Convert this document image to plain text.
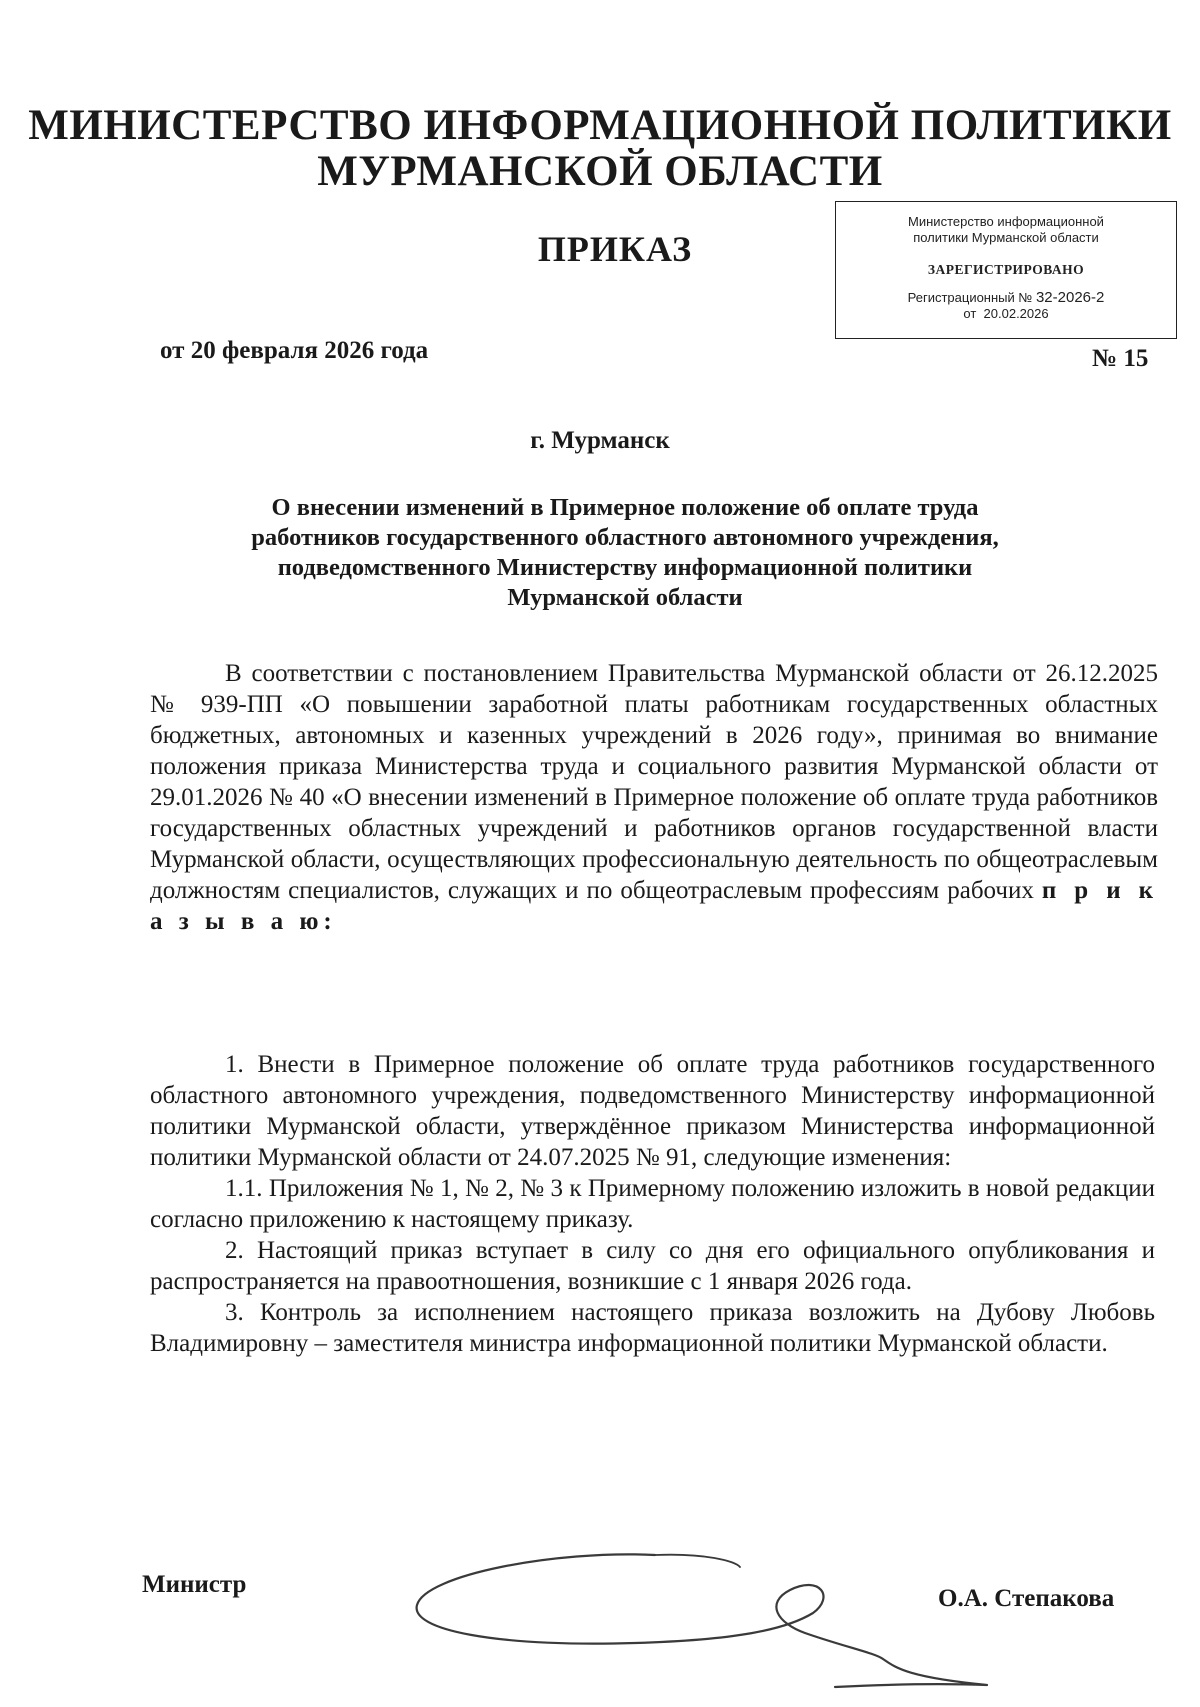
МИНИСТЕРСТВО ИНФОРМАЦИОННОЙ ПОЛИТИКИ
МУРМАНСКОЙ ОБЛАСТИ
ПРИКАЗ
Министерство информационной
политики Мурманской области
ЗАРЕГИСТРИРОВАНО
Регистрационный № 32-2026-2
от 20.02.2026
от 20 февраля 2026 года	№ 15
г. Мурманск
О внесении изменений в Примерное положение об оплате труда
работников государственного областного автономного учреждения,
подведомственного Министерству информационной политики
Мурманской области

В соответствии с постановлением Правительства Мурманской области от 26.12.2025 № 939-ПП «О повышении заработной платы работникам государственных областных бюджетных, автономных и казенных учреждений в 2026 году», принимая во внимание положения приказа Министерства труда и социального развития Мурманской области от 29.01.2026 № 40 «О внесении изменений в Примерное положение об оплате труда работников государственных областных учреждений и работников органов государственной власти Мурманской области, осуществляющих профессиональную деятельность по общеотраслевым должностям специалистов, служащих и по общеотраслевым профессиям рабочих п р и к а з ы в а ю:

1. Внести в Примерное положение об оплате труда работников государственного областного автономного учреждения, подведомственного Министерству информационной политики Мурманской области, утверждённое приказом Министерства информационной политики Мурманской области от 24.07.2025 № 91, следующие изменения:

1.1. Приложения № 1, № 2, № 3 к Примерному положению изложить в новой редакции согласно приложению к настоящему приказу.

2. Настоящий приказ вступает в силу со дня его официального опубликования и распространяется на правоотношения, возникшие с 1 января 2026 года.

3. Контроль за исполнением настоящего приказа возложить на Дубову Любовь Владимировну – заместителя министра информационной политики Мурманской области.

Министр
О.А. Степакова
